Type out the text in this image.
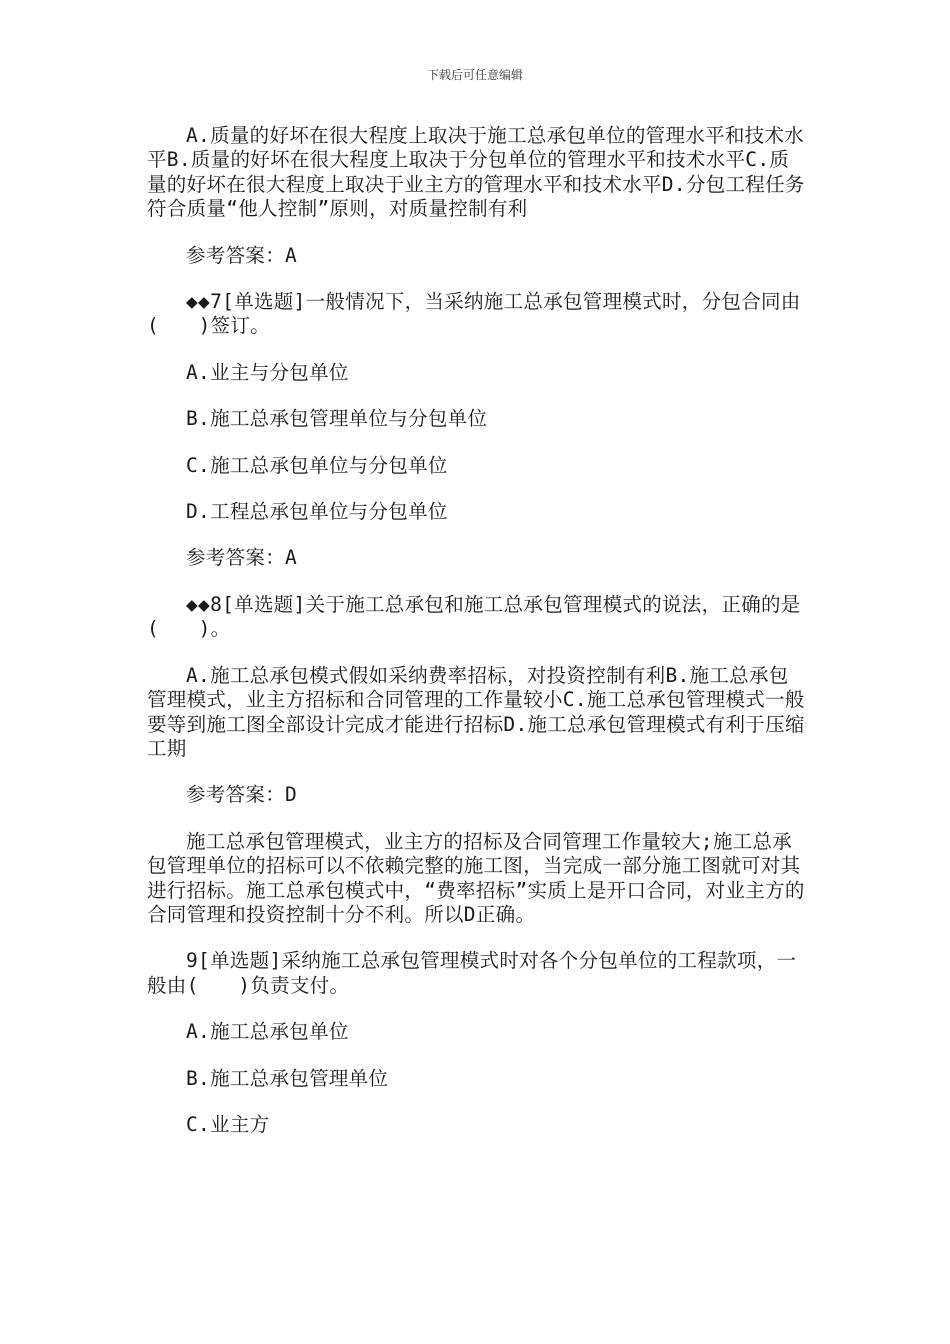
下载后可任意编辑

A.质量的好坏在很大程度上取决于施工总承包单位的管理水平和技术水平B.质量的好坏在很大程度上取决于分包单位的管理水平和技术水平C.质量的好坏在很大程度上取决于业主方的管理水平和技术水平D.分包工程任务符合质量“他人控制”原则，对质量控制有利

参考答案：A

◆◆7[单选题]一般情况下，当采纳施工总承包管理模式时，分包合同由(　　)签订。

A.业主与分包单位

B.施工总承包管理单位与分包单位

C.施工总承包单位与分包单位

D.工程总承包单位与分包单位

参考答案：A

◆◆8[单选题]关于施工总承包和施工总承包管理模式的说法，正确的是(　　)。

A.施工总承包模式假如采纳费率招标，对投资控制有利B.施工总承包管理模式，业主方招标和合同管理的工作量较小C.施工总承包管理模式一般要等到施工图全部设计完成才能进行招标D.施工总承包管理模式有利于压缩工期

参考答案：D

施工总承包管理模式，业主方的招标及合同管理工作量较大;施工总承包管理单位的招标可以不依赖完整的施工图，当完成一部分施工图就可对其进行招标。施工总承包模式中，“费率招标”实质上是开口合同，对业主方的合同管理和投资控制十分不利。所以D正确。

9[单选题]采纳施工总承包管理模式时对各个分包单位的工程款项，一般由(　　)负责支付。

A.施工总承包单位

B.施工总承包管理单位

C.业主方
